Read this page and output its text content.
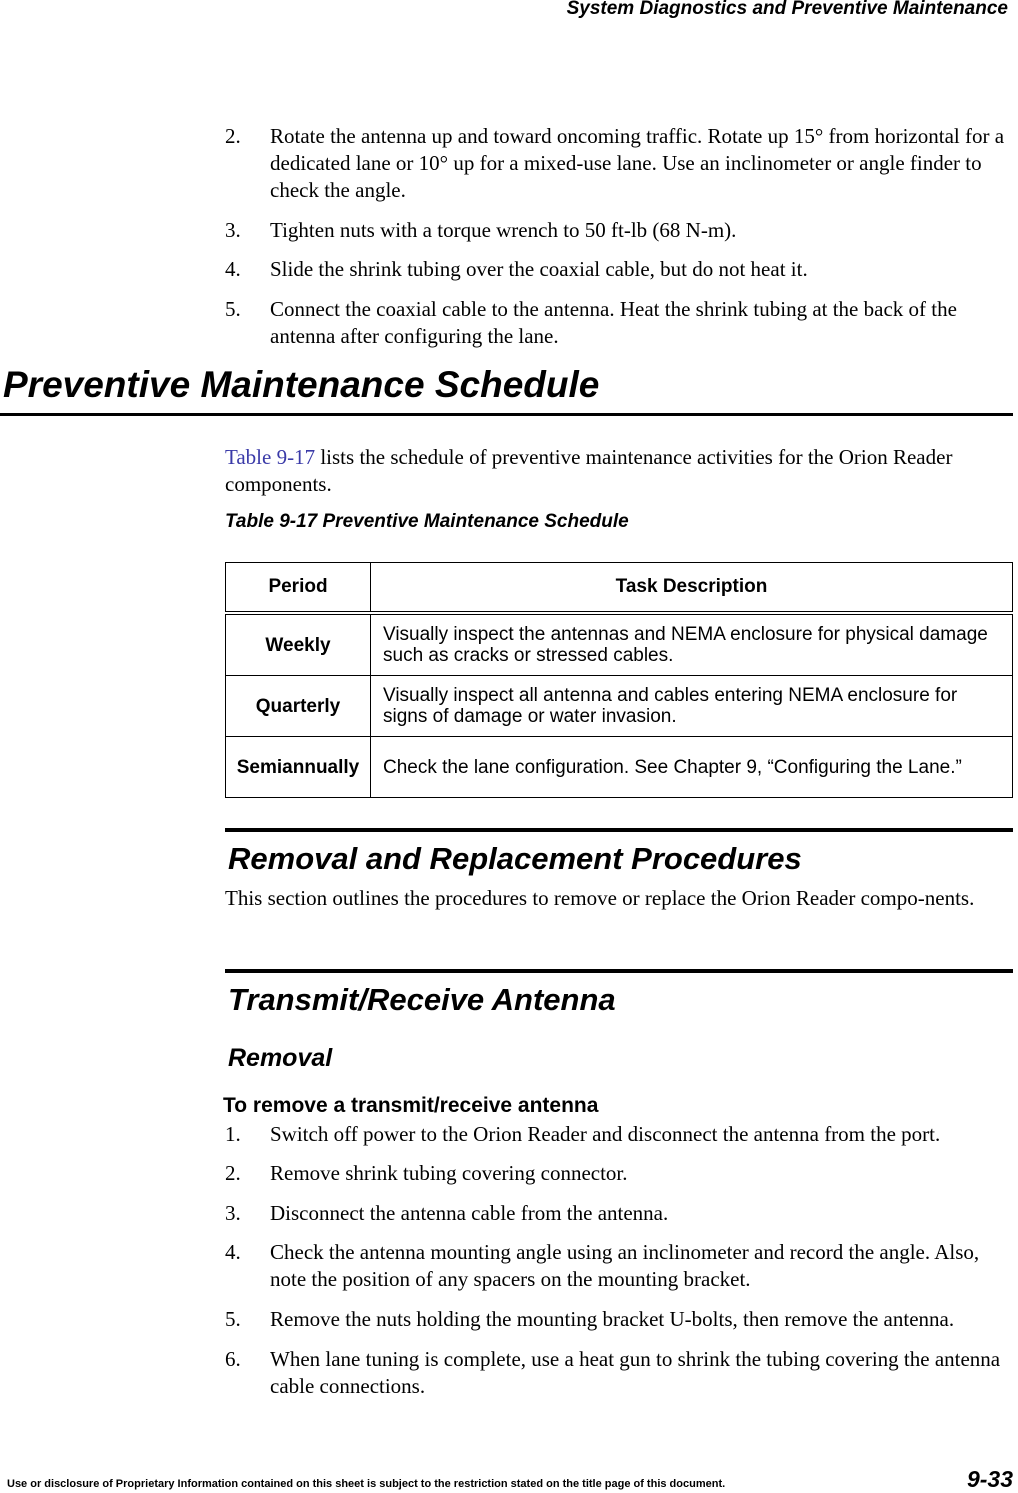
System Diagnostics and Preventive Maintenance
2. Rotate the antenna up and toward oncoming traffic. Rotate up 15° from horizontal for a dedicated lane or 10° up for a mixed-use lane. Use an inclinometer or angle finder to check the angle.
3. Tighten nuts with a torque wrench to 50 ft-lb (68 N-m).
4. Slide the shrink tubing over the coaxial cable, but do not heat it.
5. Connect the coaxial cable to the antenna. Heat the shrink tubing at the back of the antenna after configuring the lane.
Preventive Maintenance Schedule
Table 9-17 lists the schedule of preventive maintenance activities for the Orion Reader components.
Table 9-17 Preventive Maintenance Schedule
Period	Task Description
Weekly	Visually inspect the antennas and NEMA enclosure for physical damage such as cracks or stressed cables.
Quarterly	Visually inspect all antenna and cables entering NEMA enclosure for signs of damage or water invasion.
Semiannually	Check the lane configuration. See Chapter 9, “Configuring the Lane.”
Removal and Replacement Procedures
This section outlines the procedures to remove or replace the Orion Reader compo-nents.
Transmit/Receive Antenna
Removal
To remove a transmit/receive antenna
1. Switch off power to the Orion Reader and disconnect the antenna from the port.
2. Remove shrink tubing covering connector.
3. Disconnect the antenna cable from the antenna.
4. Check the antenna mounting angle using an inclinometer and record the angle. Also, note the position of any spacers on the mounting bracket.
5. Remove the nuts holding the mounting bracket U-bolts, then remove the antenna.
6. When lane tuning is complete, use a heat gun to shrink the tubing covering the antenna cable connections.
Use or disclosure of Proprietary Information contained on this sheet is subject to the restriction stated on the title page of this document.	9-33
